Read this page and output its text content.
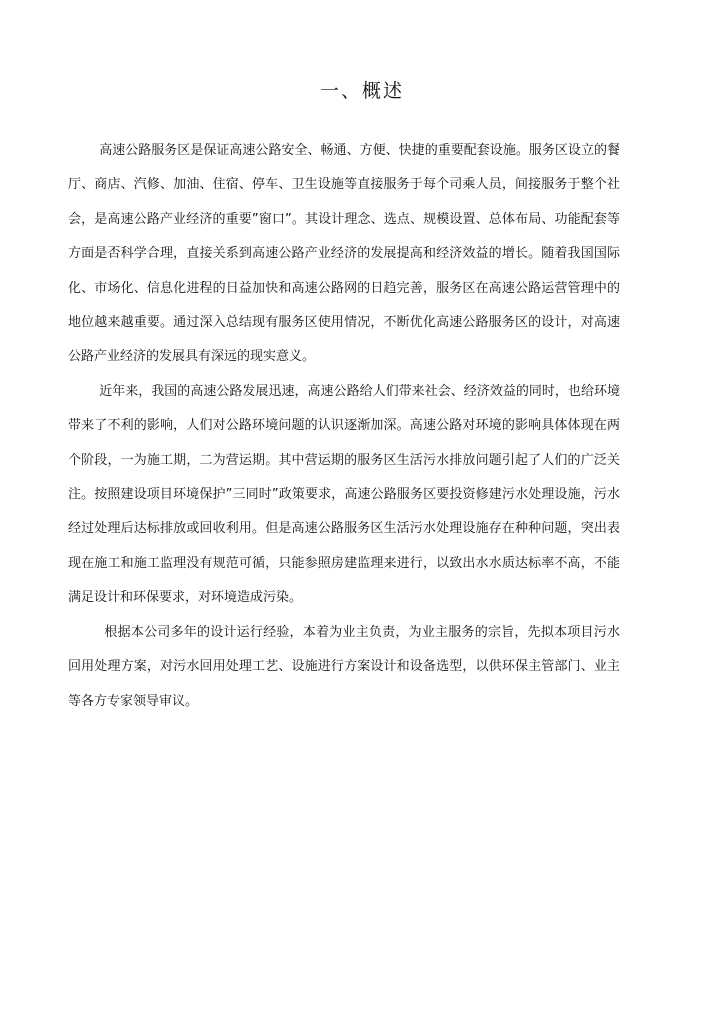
一、概述

高速公路服务区是保证高速公路安全、畅通、方便、快捷的重要配套设施。服务区设立的餐厅、商店、汽修、加油、住宿、停车、卫生设施等直接服务于每个司乘人员，间接服务于整个社会，是高速公路产业经济的重要”窗口”。其设计理念、选点、规模设置、总体布局、功能配套等方面是否科学合理，直接关系到高速公路产业经济的发展提高和经济效益的增长。随着我国国际化、市场化、信息化进程的日益加快和高速公路网的日趋完善，服务区在高速公路运营管理中的地位越来越重要。通过深入总结现有服务区使用情况，不断优化高速公路服务区的设计，对高速公路产业经济的发展具有深远的现实意义。

近年来，我国的高速公路发展迅速，高速公路给人们带来社会、经济效益的同时，也给环境带来了不利的影响，人们对公路环境问题的认识逐渐加深。高速公路对环境的影响具体体现在两个阶段，一为施工期，二为营运期。其中营运期的服务区生活污水排放问题引起了人们的广泛关注。按照建设项目环境保护”三同时”政策要求，高速公路服务区要投资修建污水处理设施，污水经过处理后达标排放或回收利用。但是高速公路服务区生活污水处理设施存在种种问题，突出表现在施工和施工监理没有规范可循，只能参照房建监理来进行，以致出水水质达标率不高，不能满足设计和环保要求，对环境造成污染。

根据本公司多年的设计运行经验，本着为业主负责，为业主服务的宗旨，先拟本项目污水回用处理方案，对污水回用处理工艺、设施进行方案设计和设备选型，以供环保主管部门、业主等各方专家领导审议。
